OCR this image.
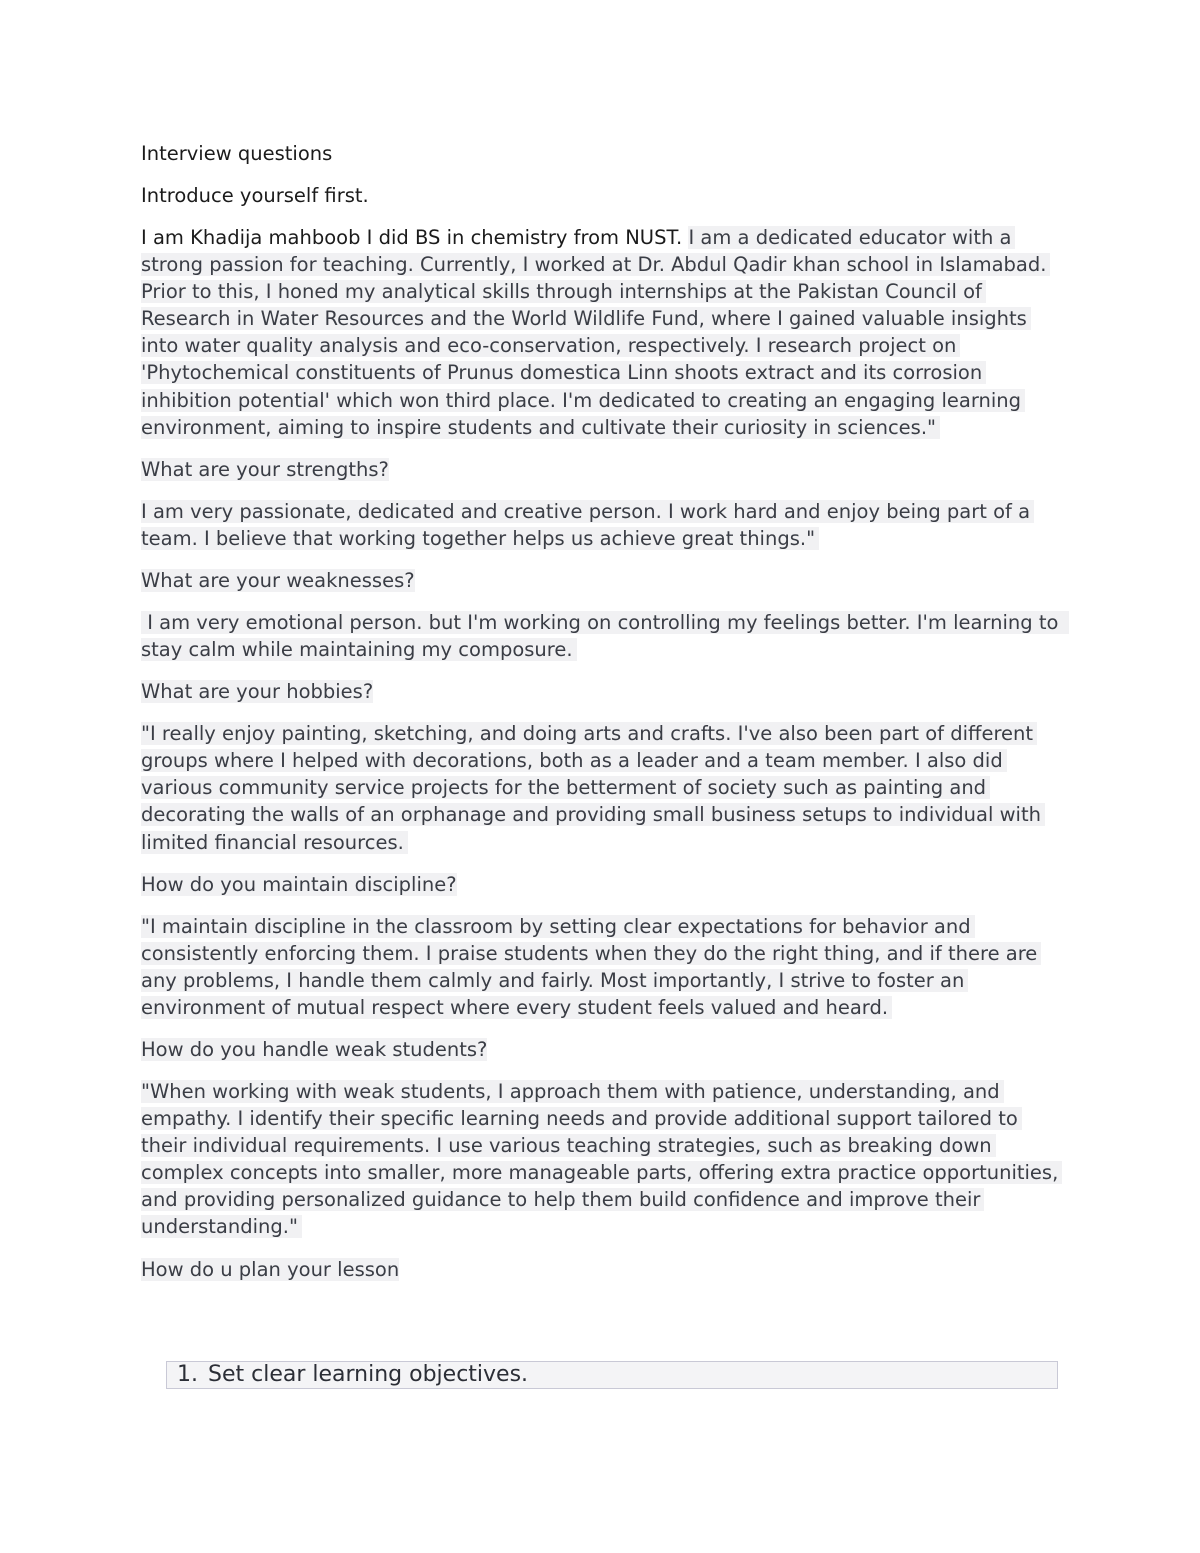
Interview questions

Introduce yourself first.

I am Khadija mahboob I did BS in chemistry from NUST. I am a dedicated educator with a strong passion for teaching. Currently, I worked at Dr. Abdul Qadir khan school in Islamabad. Prior to this, I honed my analytical skills through internships at the Pakistan Council of Research in Water Resources and the World Wildlife Fund, where I gained valuable insights into water quality analysis and eco-conservation, respectively. I research project on 'Phytochemical constituents of Prunus domestica Linn shoots extract and its corrosion inhibition potential' which won third place. I'm dedicated to creating an engaging learning environment, aiming to inspire students and cultivate their curiosity in sciences."

What are your strengths?

I am very passionate, dedicated and creative person. I work hard and enjoy being part of a team. I believe that working together helps us achieve great things."

What are your weaknesses?

I am very emotional person. but I'm working on controlling my feelings better. I'm learning to stay calm while maintaining my composure.

What are your hobbies?

"I really enjoy painting, sketching, and doing arts and crafts. I've also been part of different groups where I helped with decorations, both as a leader and a team member. I also did various community service projects for the betterment of society such as painting and decorating the walls of an orphanage and providing small business setups to individual with limited financial resources.

How do you maintain discipline?

"I maintain discipline in the classroom by setting clear expectations for behavior and consistently enforcing them. I praise students when they do the right thing, and if there are any problems, I handle them calmly and fairly. Most importantly, I strive to foster an environment of mutual respect where every student feels valued and heard.

How do you handle weak students?

"When working with weak students, I approach them with patience, understanding, and empathy. I identify their specific learning needs and provide additional support tailored to their individual requirements. I use various teaching strategies, such as breaking down complex concepts into smaller, more manageable parts, offering extra practice opportunities, and providing personalized guidance to help them build confidence and improve their understanding."

How do u plan your lesson

1. Set clear learning objectives.
